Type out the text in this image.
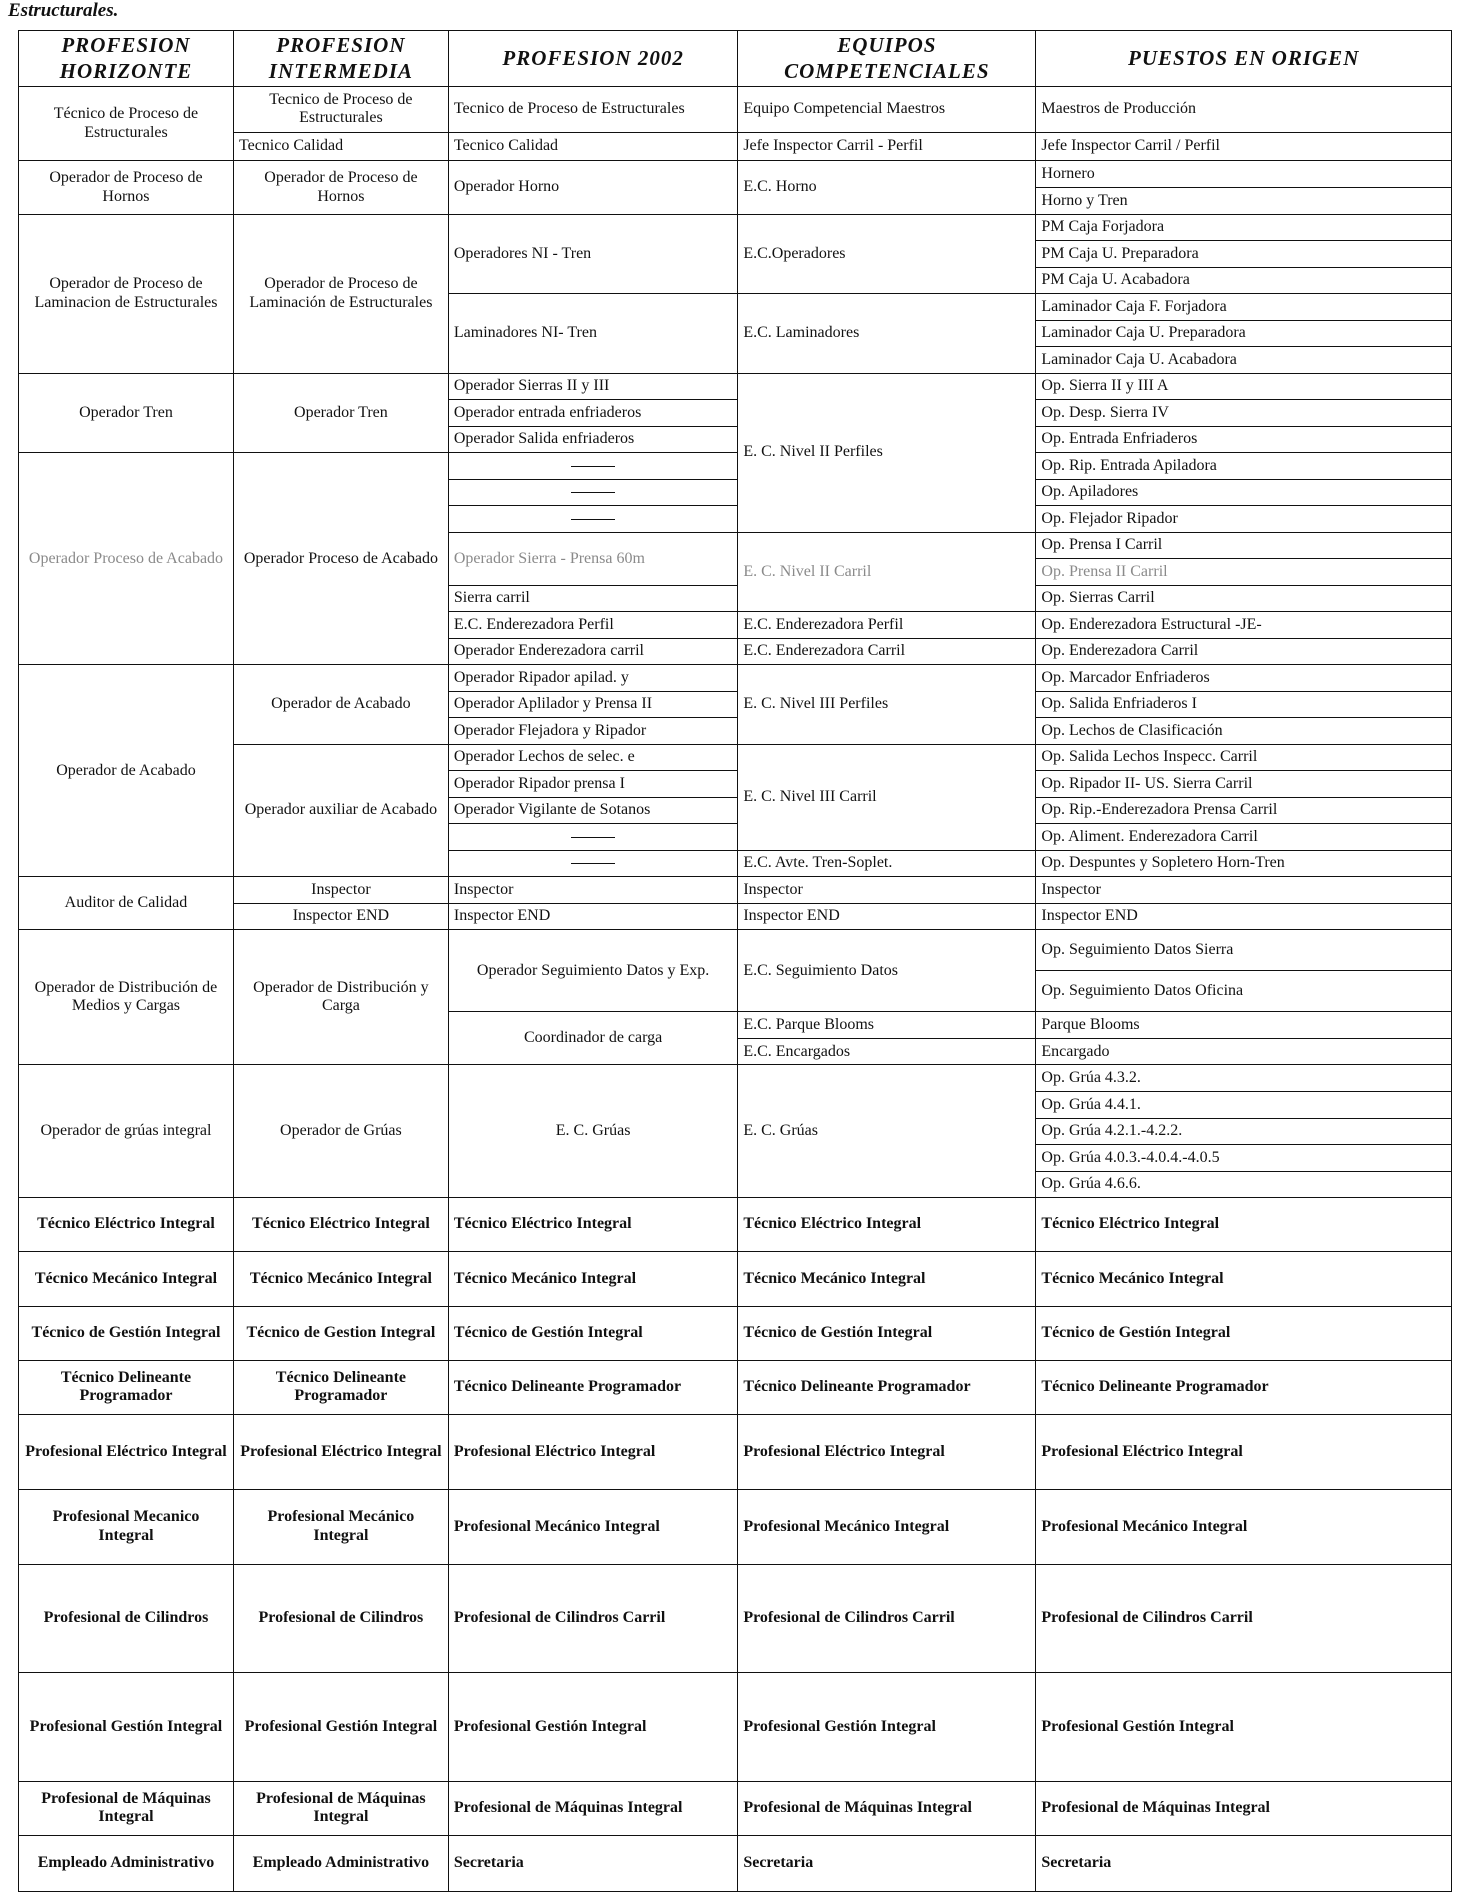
Estructurales.
PROFESION HORIZONTE	PROFESION INTERMEDIA	PROFESION 2002	EQUIPOS COMPETENCIALES	PUESTOS EN ORIGEN
Técnico de Proceso de Estructurales	Tecnico de Proceso de Estructurales	Tecnico de Proceso de Estructurales	Equipo Competencial Maestros	Maestros de Producción
	Tecnico Calidad	Tecnico Calidad	Jefe Inspector Carril - Perfil	Jefe Inspector Carril / Perfil
Operador de Proceso de Hornos	Operador de Proceso de Hornos	Operador Horno	E.C. Horno	Hornero
				Horno y Tren
Operador de Proceso de Laminacion de Estructurales	Operador de Proceso de Laminación de Estructurales	Operadores NI - Tren	E.C.Operadores	PM Caja Forjadora
				PM Caja U. Preparadora
				PM Caja U. Acabadora
		Laminadores NI- Tren	E.C. Laminadores	Laminador Caja F. Forjadora
				Laminador Caja U. Preparadora
				Laminador Caja U. Acabadora
Operador Tren	Operador Tren	Operador Sierras II y III	E. C. Nivel II Perfiles	Op. Sierra II y III A
		Operador entrada enfriaderos		Op. Desp. Sierra IV
		Operador Salida enfriaderos		Op. Entrada Enfriaderos
Operador Proceso de Acabado	Operador Proceso de Acabado			Op. Rip. Entrada Apiladora
				Op. Apiladores
				Op. Flejador Ripador
		Operador Sierra - Prensa 60m	E. C. Nivel II Carril	Op. Prensa I Carril
				Op. Prensa II Carril
		Sierra carril		Op. Sierras Carril
		E.C. Enderezadora Perfil	E.C. Enderezadora Perfil	Op. Enderezadora Estructural -JE-
		Operador Enderezadora carril	E.C. Enderezadora Carril	Op. Enderezadora Carril
Operador de Acabado	Operador de Acabado	Operador Ripador apilad. y	E. C. Nivel III Perfiles	Op. Marcador Enfriaderos
		Operador Aplilador y Prensa II		Op. Salida Enfriaderos I
		Operador Flejadora y Ripador		Op. Lechos de Clasificación
	Operador auxiliar de Acabado	Operador Lechos de selec. e	E. C. Nivel III Carril	Op. Salida Lechos Inspecc. Carril
		Operador Ripador prensa I		Op. Ripador II- US. Sierra Carril
		Operador Vigilante de Sotanos		Op. Rip.-Enderezadora Prensa Carril
				Op. Aliment. Enderezadora Carril
			E.C. Avte. Tren-Soplet.	Op. Despuntes y Sopletero Horn-Tren
Auditor de Calidad	Inspector	Inspector	Inspector	Inspector
	Inspector END	Inspector END	Inspector END	Inspector END
Operador de Distribución de Medios y Cargas	Operador de Distribución y Carga	Operador Seguimiento Datos y Exp.	E.C. Seguimiento Datos	Op. Seguimiento Datos Sierra
				Op. Seguimiento Datos Oficina
		Coordinador de carga	E.C. Parque Blooms	Parque Blooms
			E.C. Encargados	Encargado
Operador de grúas integral	Operador de Grúas	E. C. Grúas	E. C. Grúas	Op. Grúa 4.3.2.
				Op. Grúa 4.4.1.
				Op. Grúa 4.2.1.-4.2.2.
				Op. Grúa 4.0.3.-4.0.4.-4.0.5
				Op. Grúa 4.6.6.
Técnico Eléctrico Integral	Técnico Eléctrico Integral	Técnico Eléctrico Integral	Técnico Eléctrico Integral	Técnico Eléctrico Integral
Técnico Mecánico Integral	Técnico Mecánico Integral	Técnico Mecánico Integral	Técnico Mecánico Integral	Técnico Mecánico Integral
Técnico de Gestión Integral	Técnico de Gestion Integral	Técnico de Gestión Integral	Técnico de Gestión Integral	Técnico de Gestión Integral
Técnico Delineante Programador	Técnico Delineante Programador	Técnico Delineante Programador	Técnico Delineante Programador	Técnico Delineante Programador
Profesional Eléctrico Integral	Profesional Eléctrico Integral	Profesional Eléctrico Integral	Profesional Eléctrico Integral	Profesional Eléctrico Integral
Profesional Mecanico Integral	Profesional Mecánico Integral	Profesional Mecánico Integral	Profesional Mecánico Integral	Profesional Mecánico Integral
Profesional de Cilindros	Profesional de Cilindros	Profesional de Cilindros Carril	Profesional de Cilindros Carril	Profesional de Cilindros Carril
Profesional Gestión Integral	Profesional Gestión Integral	Profesional Gestión Integral	Profesional Gestión Integral	Profesional Gestión Integral
Profesional de Máquinas Integral	Profesional de Máquinas Integral	Profesional de Máquinas Integral	Profesional de Máquinas Integral	Profesional de Máquinas Integral
Empleado Administrativo	Empleado Administrativo	Secretaria	Secretaria	Secretaria
